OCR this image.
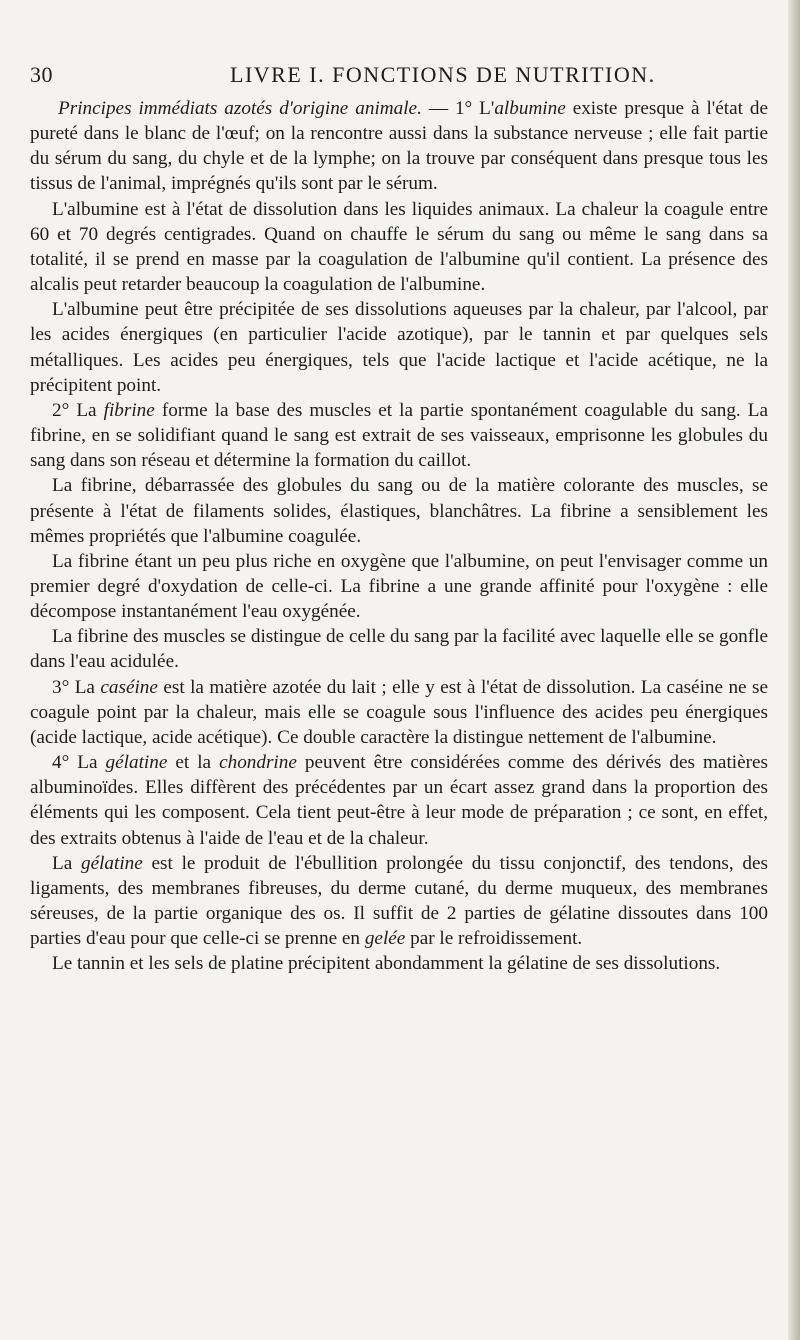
30	LIVRE I. FONCTIONS DE NUTRITION.

Principes immédiats azotés d'origine animale. — 1° L'albumine existe presque à l'état de pureté dans le blanc de l'œuf; on la rencontre aussi dans la substance nerveuse ; elle fait partie du sérum du sang, du chyle et de la lymphe; on la trouve par conséquent dans presque tous les tissus de l'animal, imprégnés qu'ils sont par le sérum.

L'albumine est à l'état de dissolution dans les liquides animaux. La chaleur la coagule entre 60 et 70 degrés centigrades. Quand on chauffe le sérum du sang ou même le sang dans sa totalité, il se prend en masse par la coagulation de l'albumine qu'il contient. La présence des alcalis peut retarder beaucoup la coagulation de l'albumine.

L'albumine peut être précipitée de ses dissolutions aqueuses par la chaleur, par l'alcool, par les acides énergiques (en particulier l'acide azotique), par le tannin et par quelques sels métalliques. Les acides peu énergiques, tels que l'acide lactique et l'acide acétique, ne la précipitent point.

2° La fibrine forme la base des muscles et la partie spontanément coagulable du sang. La fibrine, en se solidifiant quand le sang est extrait de ses vaisseaux, emprisonne les globules du sang dans son réseau et détermine la formation du caillot.

La fibrine, débarrassée des globules du sang ou de la matière colorante des muscles, se présente à l'état de filaments solides, élastiques, blanchâtres. La fibrine a sensiblement les mêmes propriétés que l'albumine coagulée.

La fibrine étant un peu plus riche en oxygène que l'albumine, on peut l'envisager comme un premier degré d'oxydation de celle-ci. La fibrine a une grande affinité pour l'oxygène : elle décompose instantanément l'eau oxygénée.

La fibrine des muscles se distingue de celle du sang par la facilité avec laquelle elle se gonfle dans l'eau acidulée.

3° La caséine est la matière azotée du lait ; elle y est à l'état de dissolution. La caséine ne se coagule point par la chaleur, mais elle se coagule sous l'influence des acides peu énergiques (acide lactique, acide acétique). Ce double caractère la distingue nettement de l'albumine.

4° La gélatine et la chondrine peuvent être considérées comme des dérivés des matières albuminoïdes. Elles diffèrent des précédentes par un écart assez grand dans la proportion des éléments qui les composent. Cela tient peut-être à leur mode de préparation ; ce sont, en effet, des extraits obtenus à l'aide de l'eau et de la chaleur.

La gélatine est le produit de l'ébullition prolongée du tissu conjonctif, des tendons, des ligaments, des membranes fibreuses, du derme cutané, du derme muqueux, des membranes séreuses, de la partie organique des os. Il suffit de 2 parties de gélatine dissoutes dans 100 parties d'eau pour que celle-ci se prenne en gelée par le refroidissement.

Le tannin et les sels de platine précipitent abondamment la gélatine de ses dissolutions.
